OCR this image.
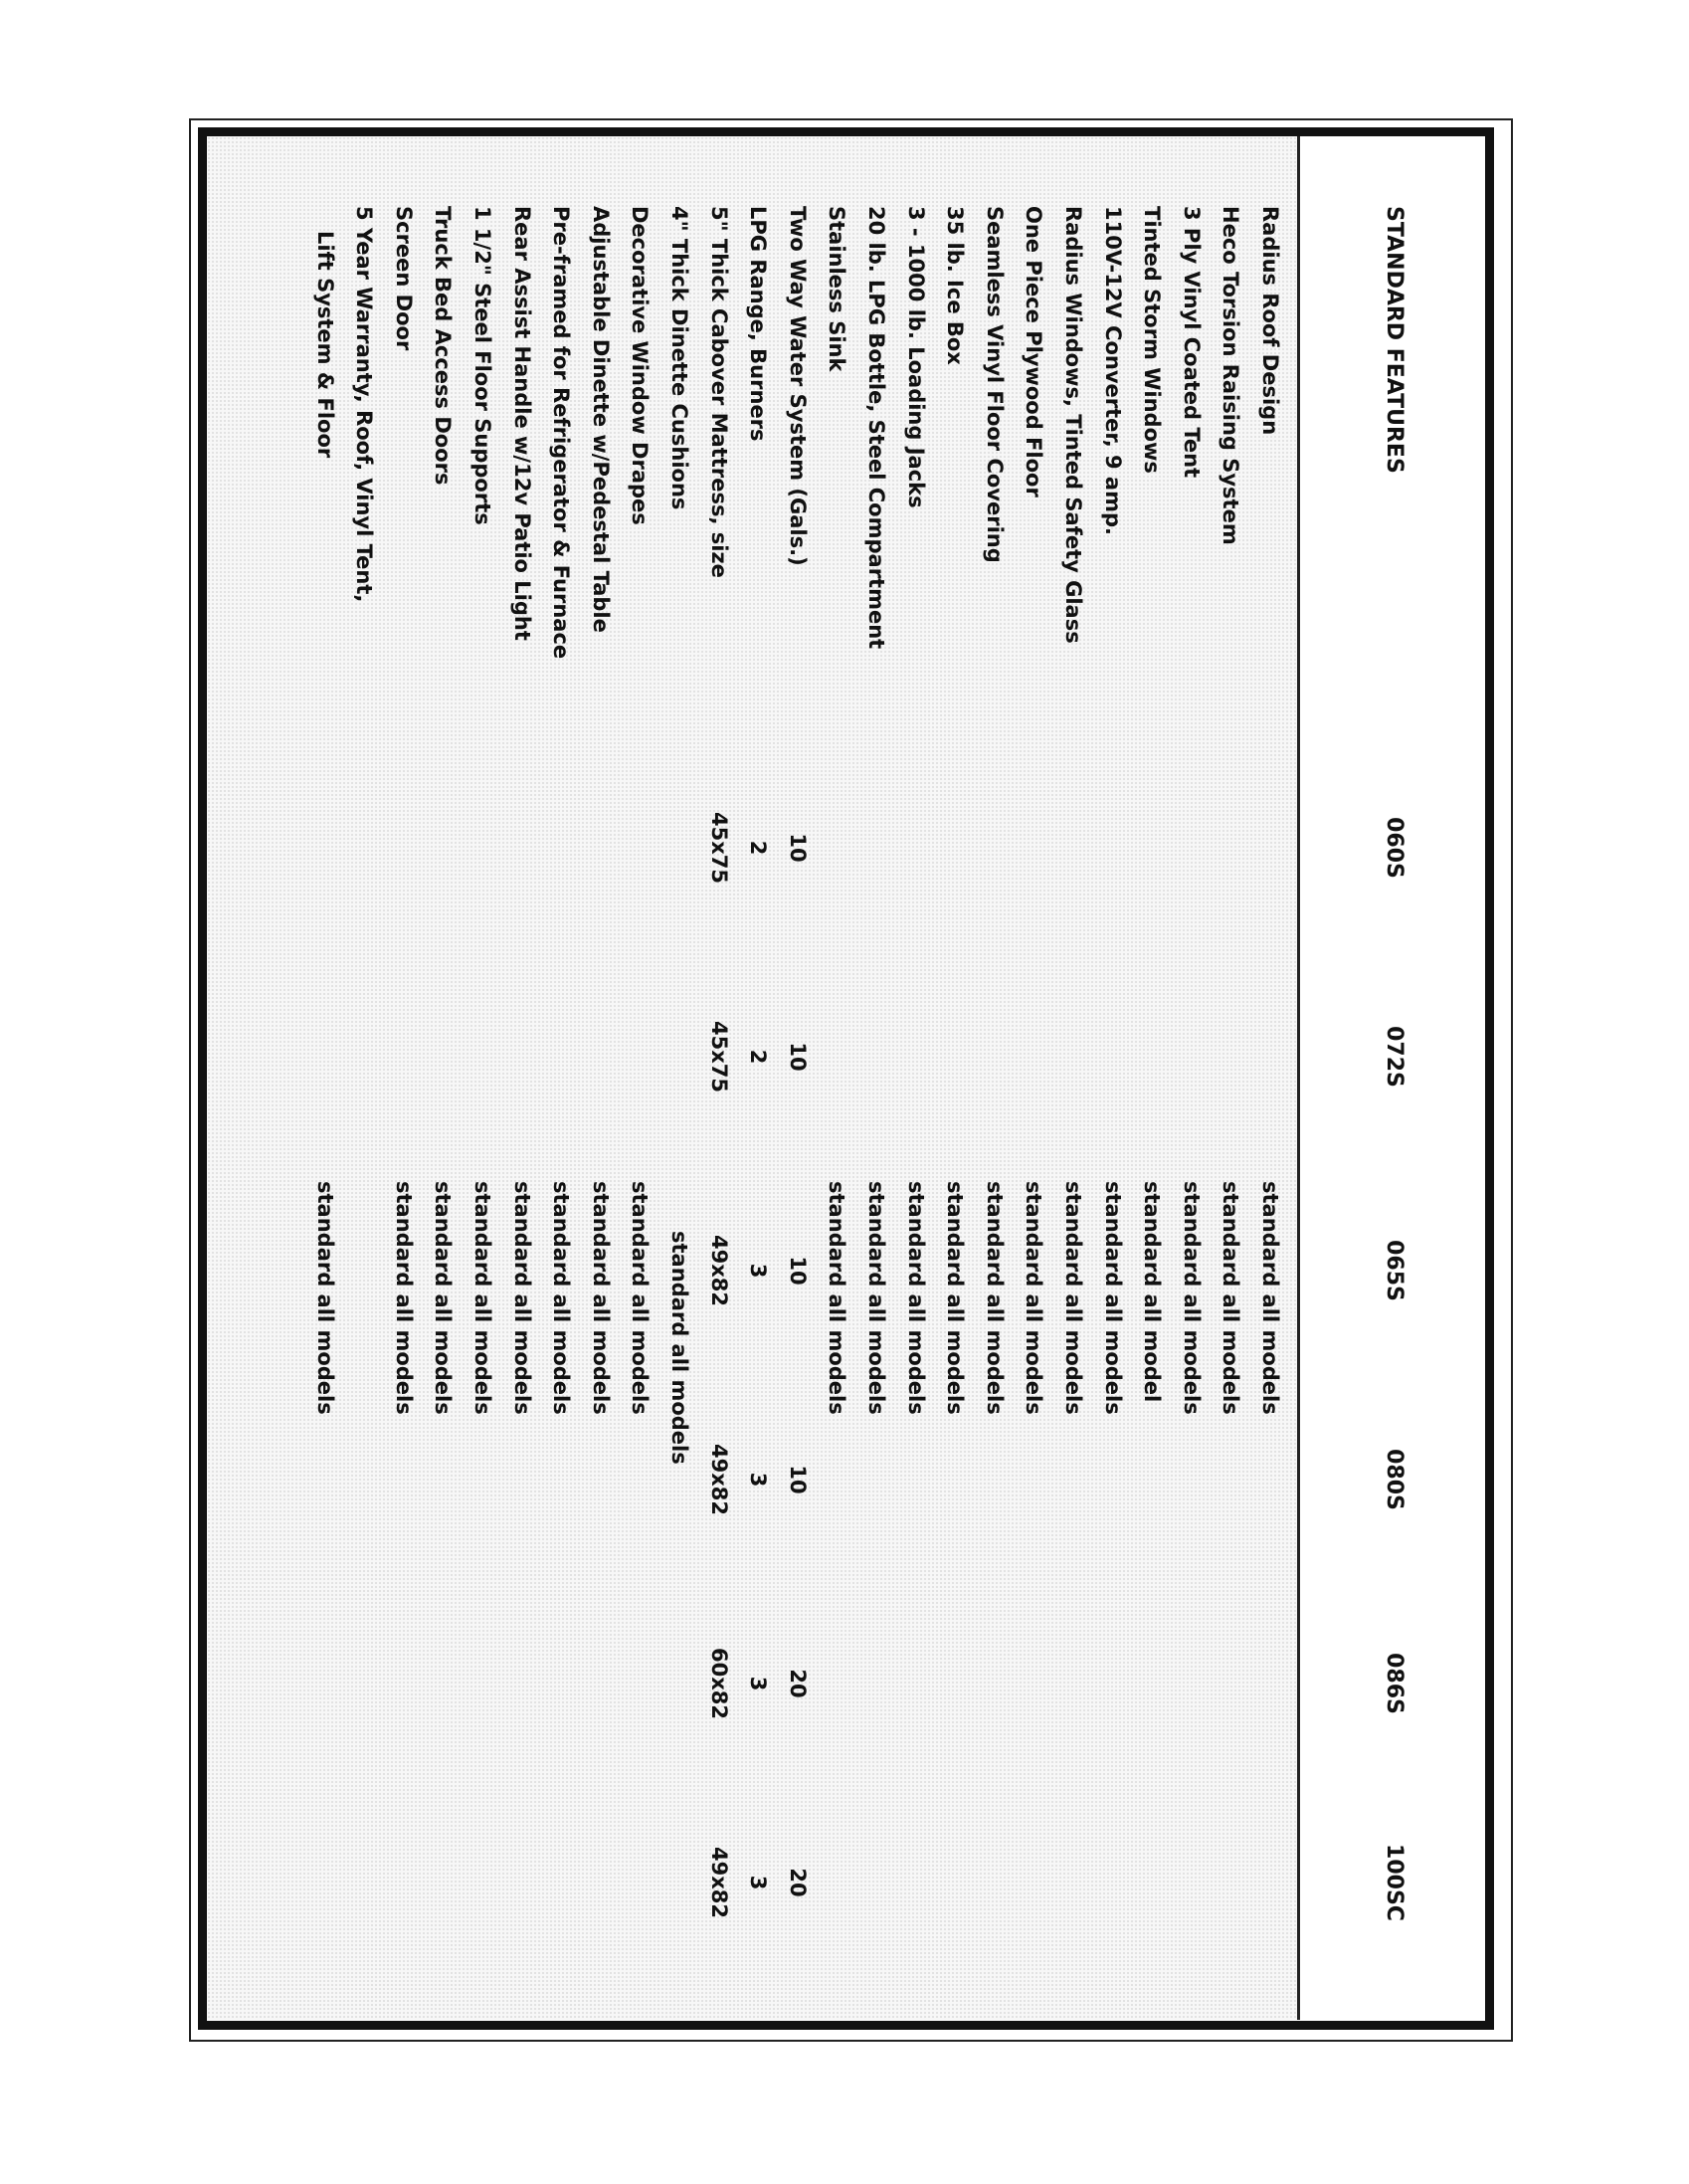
STANDARD FEATURES
060S
072S
065S
080S
086S
100SC
Radius Roof Design
standard all models
Heco Torsion Raising System
standard all models
3 Ply Vinyl Coated Tent
standard all models
Tinted Storm Windows
standard all model
110V-12V Converter, 9 amp.
standard all models
Radius Windows, Tinted Safety Glass
standard all models
One Piece Plywood Floor
standard all models
Seamless Vinyl Floor Covering
standard all models
35 lb. Ice Box
standard all models
3 - 1000 lb. Loading Jacks
standard all models
20 lb. LPG Bottle, Steel Compartment
standard all models
Stainless Sink
standard all models
Two Way Water System (Gals.)
10
10
10
10
20
20
LPG Range, Burners
2
2
3
3
3
3
5" Thick Cabover Mattress, size
45x75
45x75
49x82
49x82
60x82
49x82
4" Thick Dinette Cushions
standard all models
Decorative Window Drapes
standard all models
Adjustable Dinette w/Pedestal Table
standard all models
Pre-framed for Refrigerator & Furnace
standard all models
Rear Assist Handle w/12v Patio Light
standard all models
1 1/2" Steel Floor Supports
standard all models
Truck Bed Access Doors
standard all models
Screen Door
standard all models
5 Year Warranty, Roof, Vinyl Tent,
Lift System & Floor
standard all models
